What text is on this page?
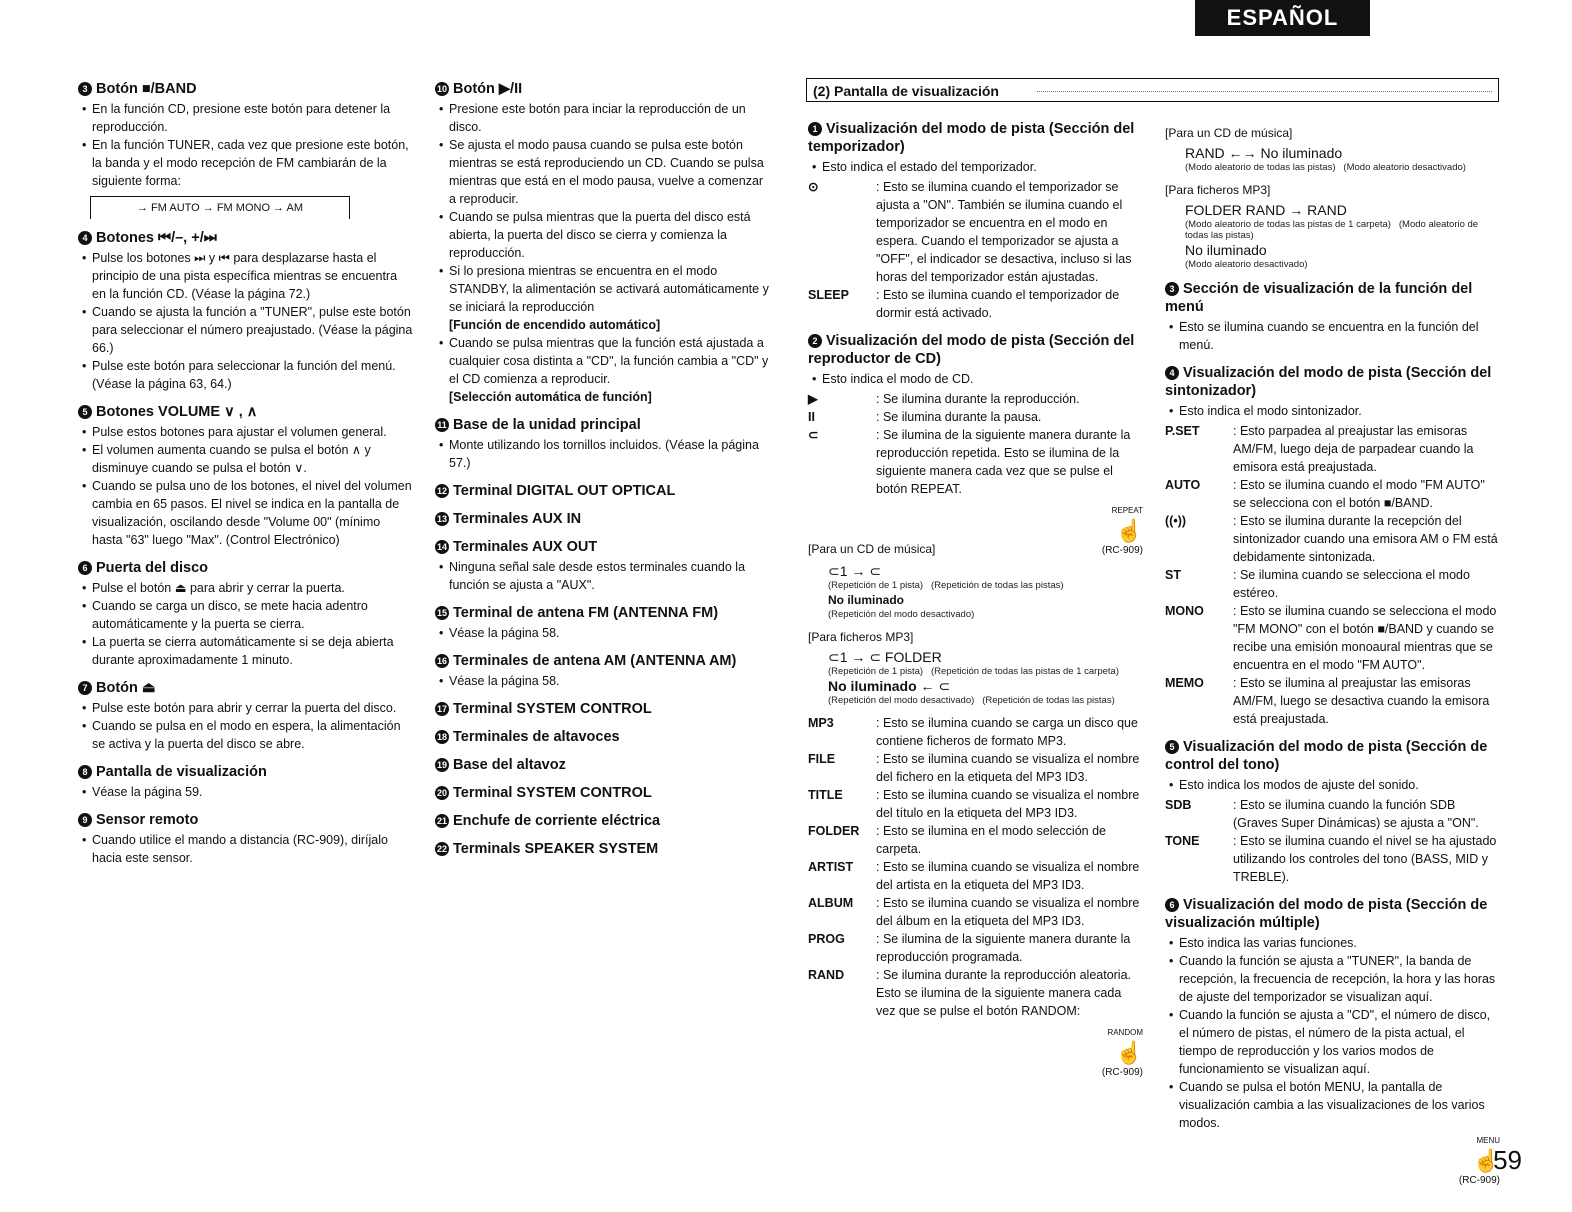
ESPAÑOL
3 Botón ■/BAND
• En la función CD, presione este botón para detener la reproducción.
• En la función TUNER, cada vez que presione este botón, la banda y el modo recepción de FM cambiarán de la siguiente forma:
→ FM AUTO → FM MONO → AM
4 Botones ⏮/–, +/⏭
• Pulse los botones ⏭ y ⏮ para desplazarse hasta el principio de una pista específica mientras se encuentra en la función CD. (Véase la página 72.)
• Cuando se ajusta la función a "TUNER", pulse este botón para seleccionar el número preajustado. (Véase la página 66.)
• Pulse este botón para seleccionar la función del menú. (Véase la página 63, 64.)
5 Botones VOLUME ∨ , ∧
• Pulse estos botones para ajustar el volumen general.
• El volumen aumenta cuando se pulsa el botón ∧ y disminuye cuando se pulsa el botón ∨.
• Cuando se pulsa uno de los botones, el nivel del volumen cambia en 65 pasos. El nivel se indica en la pantalla de visualización, oscilando desde "Volume 00" (mínimo hasta "63" luego "Max". (Control Electrónico)
6 Puerta del disco
• Pulse el botón ⏏ para abrir y cerrar la puerta.
• Cuando se carga un disco, se mete hacia adentro automáticamente y la puerta se cierra.
• La puerta se cierra automáticamente si se deja abierta durante aproximadamente 1 minuto.
7 Botón ⏏
• Pulse este botón para abrir y cerrar la puerta del disco.
• Cuando se pulsa en el modo en espera, la alimentación se activa y la puerta del disco se abre.
8 Pantalla de visualización
• Véase la página 59.
9 Sensor remoto
• Cuando utilice el mando a distancia (RC-909), diríjalo hacia este sensor.
10 Botón ▶/II
• Presione este botón para inciar la reproducción de un disco.
• Se ajusta el modo pausa cuando se pulsa este botón mientras se está reproduciendo un CD. Cuando se pulsa mientras que está en el modo pausa, vuelve a comenzar a reproducir.
• Cuando se pulsa mientras que la puerta del disco está abierta, la puerta del disco se cierra y comienza la reproducción.
• Si lo presiona mientras se encuentra en el modo STANDBY, la alimentación se activará automáticamente y se iniciará la reproducción
[Función de encendido automático]
• Cuando se pulsa mientras que la función está ajustada a cualquier cosa distinta a "CD", la función cambia a "CD" y el CD comienza a reproducir.
[Selección automática de función]
11 Base de la unidad principal
• Monte utilizando los tornillos incluidos. (Véase la página 57.)
12 Terminal DIGITAL OUT OPTICAL
13 Terminales AUX IN
14 Terminales AUX OUT
• Ninguna señal sale desde estos terminales cuando la función se ajusta a "AUX".
15 Terminal de antena FM (ANTENNA FM)
• Véase la página 58.
16 Terminales de antena AM (ANTENNA AM)
• Véase la página 58.
17 Terminal SYSTEM CONTROL
18 Terminales de altavoces
19 Base del altavoz
20 Terminal SYSTEM CONTROL
21 Enchufe de corriente eléctrica
22 Terminals SPEAKER SYSTEM
(2) Pantalla de visualización
1 Visualización del modo de pista (Sección del temporizador)
• Esto indica el estado del temporizador.
⊙	: Esto se ilumina cuando el temporizador se ajusta a "ON". También se ilumina cuando el temporizador se encuentra en el modo en espera. Cuando el temporizador se ajusta a "OFF", el indicador se desactiva, incluso si las horas del temporizador están ajustadas.
SLEEP	: Esto se ilumina cuando el temporizador de dormir está activado.
2 Visualización del modo de pista (Sección del reproductor de CD)
• Esto indica el modo de CD.
▶	: Se ilumina durante la reproducción.
II	: Se ilumina durante la pausa.
⊂	: Se ilumina de la siguiente manera durante la reproducción repetida. Esto se ilumina de la siguiente manera cada vez que se pulse el botón REPEAT.
[Para un CD de música]
REPEAT
☝
(RC-909)
⊂1 → ⊂
(Repetición de 1 pista) (Repetición de todas las pistas)
No iluminado
(Repetición del modo desactivado)
[Para ficheros MP3]
⊂1 → ⊂ FOLDER
(Repetición de 1 pista) (Repetición de todas las pistas de 1 carpeta)
No iluminado ← ⊂
(Repetición del modo desactivado) (Repetición de todas las pistas)
MP3	: Esto se ilumina cuando se carga un disco que contiene ficheros de formato MP3.
FILE	: Esto se ilumina cuando se visualiza el nombre del fichero en la etiqueta del MP3 ID3.
TITLE	: Esto se ilumina cuando se visualiza el nombre del título en la etiqueta del MP3 ID3.
FOLDER	: Esto se ilumina en el modo selección de carpeta.
ARTIST	: Esto se ilumina cuando se visualiza el nombre del artista en la etiqueta del MP3 ID3.
ALBUM	: Esto se ilumina cuando se visualiza el nombre del álbum en la etiqueta del MP3 ID3.
PROG	: Se ilumina de la siguiente manera durante la reproducción programada.
RAND	: Se ilumina durante la reproducción aleatoria. Esto se ilumina de la siguiente manera cada vez que se pulse el botón RANDOM:
RANDOM
☝
(RC-909)
[Para un CD de música]
RAND ←→ No iluminado
(Modo aleatorio de todas las pistas) (Modo aleatorio desactivado)
[Para ficheros MP3]
FOLDER RAND → RAND
(Modo aleatorio de todas las pistas de 1 carpeta) (Modo aleatorio de todas las pistas)
No iluminado
(Modo aleatorio desactivado)
3 Sección de visualización de la función del menú
• Esto se ilumina cuando se encuentra en la función del menú.
4 Visualización del modo de pista (Sección del sintonizador)
• Esto indica el modo sintonizador.
P.SET	: Esto parpadea al preajustar las emisoras AM/FM, luego deja de parpadear cuando la emisora está preajustada.
AUTO	: Esto se ilumina cuando el modo "FM AUTO" se selecciona con el botón ■/BAND.
((•))	: Esto se ilumina durante la recepción del sintonizador cuando una emisora AM o FM está debidamente sintonizada.
ST	: Se ilumina cuando se selecciona el modo estéreo.
MONO	: Esto se ilumina cuando se selecciona el modo "FM MONO" con el botón ■/BAND y cuando se recibe una emisión monoaural mientras que se encuentra en el modo "FM AUTO".
MEMO	: Esto se ilumina al preajustar las emisoras AM/FM, luego se desactiva cuando la emisora está preajustada.
5 Visualización del modo de pista (Sección de control del tono)
• Esto indica los modos de ajuste del sonido.
SDB	: Esto se ilumina cuando la función SDB (Graves Super Dinámicas) se ajusta a "ON".
TONE	: Esto se ilumina cuando el nivel se ha ajustado utilizando los controles del tono (BASS, MID y TREBLE).
6 Visualización del modo de pista (Sección de visualización múltiple)
• Esto indica las varias funciones.
• Cuando la función se ajusta a "TUNER", la banda de recepción, la frecuencia de recepción, la hora y las horas de ajuste del temporizador se visualizan aquí.
• Cuando la función se ajusta a "CD", el número de disco, el número de pistas, el número de la pista actual, el tiempo de reproducción y los varios modos de funcionamiento se visualizan aquí.
• Cuando se pulsa el botón MENU, la pantalla de visualización cambia a las visualizaciones de los varios modos.
MENU
☝
(RC-909)
59
